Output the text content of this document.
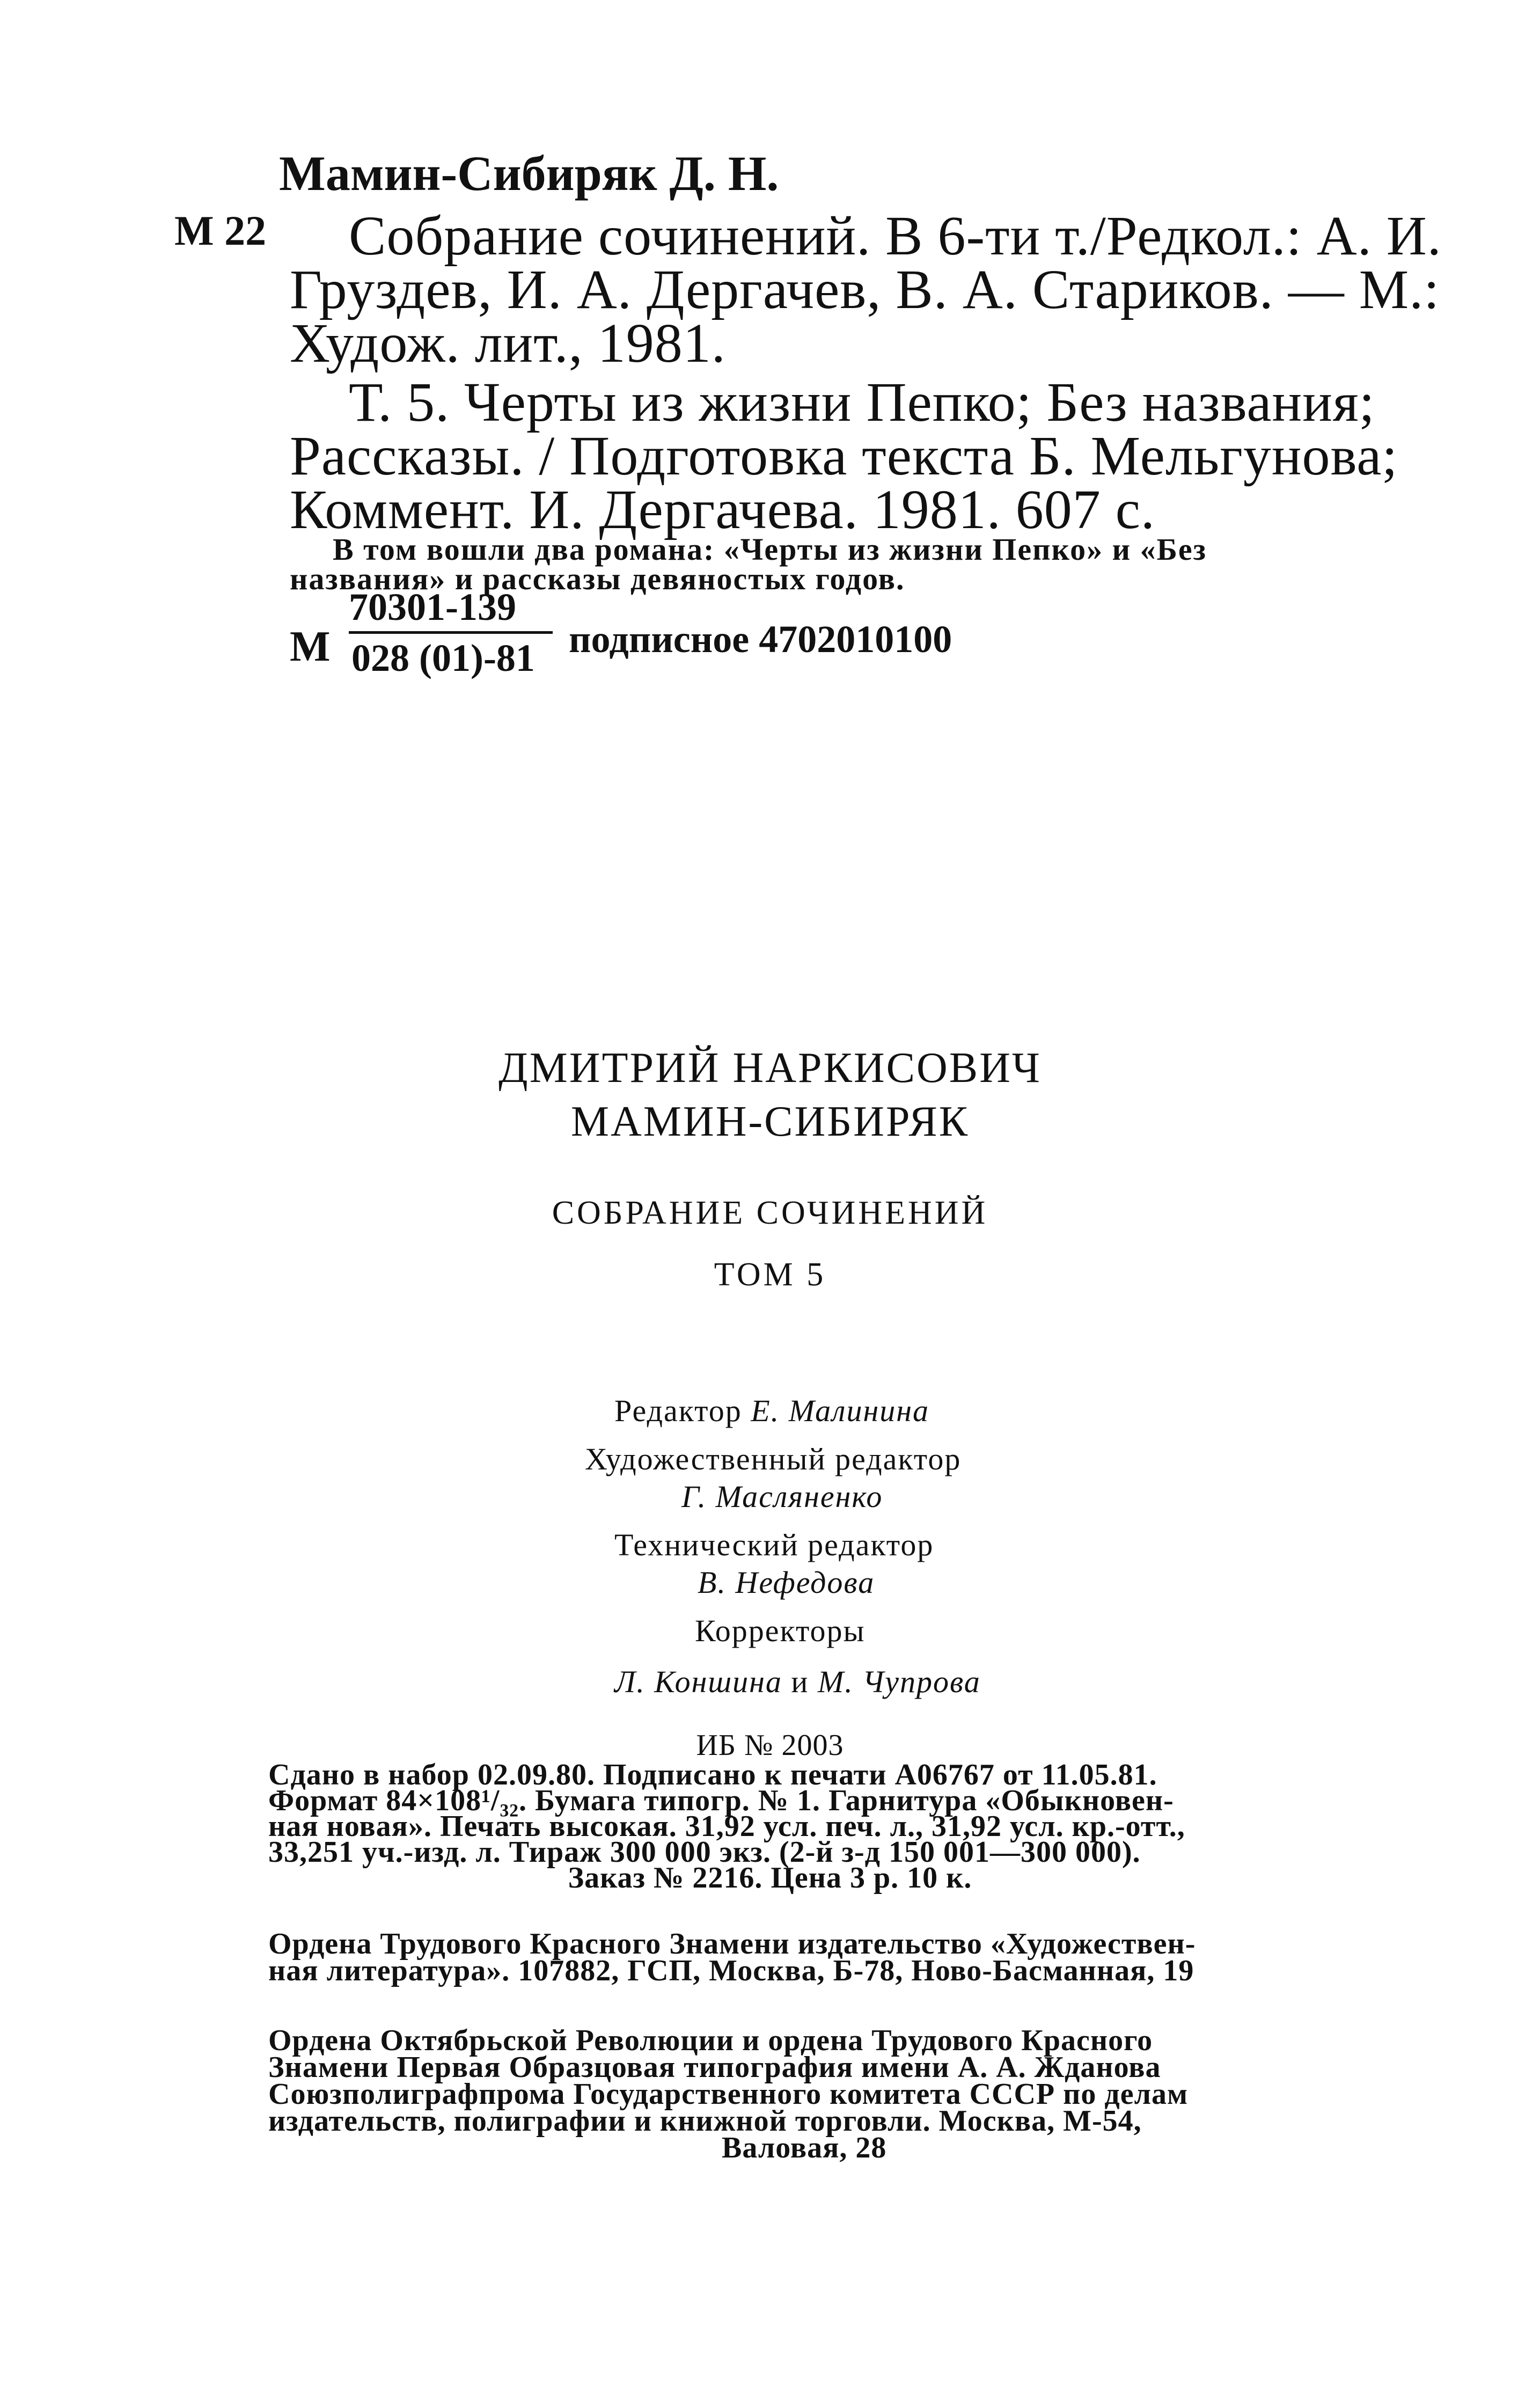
Мамин-Сибиряк Д. Н.
М 22 Собрание сочинений. В 6-ти т./Редкол.: А. И.
Груздев, И. А. Дергачев, В. А. Стариков. — М.:
Худож. лит., 1981.
Т. 5. Черты из жизни Пепко; Без названия;
Рассказы. / Подготовка текста Б. Мельгунова;
Коммент. И. Дергачева. 1981. 607 с.
В том вошли два романа: «Черты из жизни Пепко» и «Без
названия» и рассказы девяностых годов.
М
70301-139
028 (01)-81 подписное 4702010100
ДМИТРИЙ НАРКИСОВИЧ
МАМИН-СИБИРЯК
СОБРАНИЕ СОЧИНЕНИЙ
ТОМ 5
Редактор Е. Малинина
Художественный редактор
Г. Масляненко
Технический редактор
В. Нефедова
Корректоры
Л. Коншина и М. Чупрова
ИБ № 2003
Сдано в набор 02.09.80. Подписано к печати А06767 от 11.05.81.
Формат 84×108¹/₃₂. Бумага типогр. № 1. Гарнитура «Обыкновен-
ная новая». Печать высокая. 31,92 усл. печ. л., 31,92 усл. кр.-отт.,
33,251 уч.-изд. л. Тираж 300 000 экз. (2-й з-д 150 001—300 000).
Заказ № 2216. Цена 3 р. 10 к.
Ордена Трудового Красного Знамени издательство «Художествен-
ная литература». 107882, ГСП, Москва, Б-78, Ново-Басманная, 19
Ордена Октябрьской Революции и ордена Трудового Красного
Знамени Первая Образцовая типография имени А. А. Жданова
Союзполиграфпрома Государственного комитета СССР по делам
издательств, полиграфии и книжной торговли. Москва, М-54,
Валовая, 28
